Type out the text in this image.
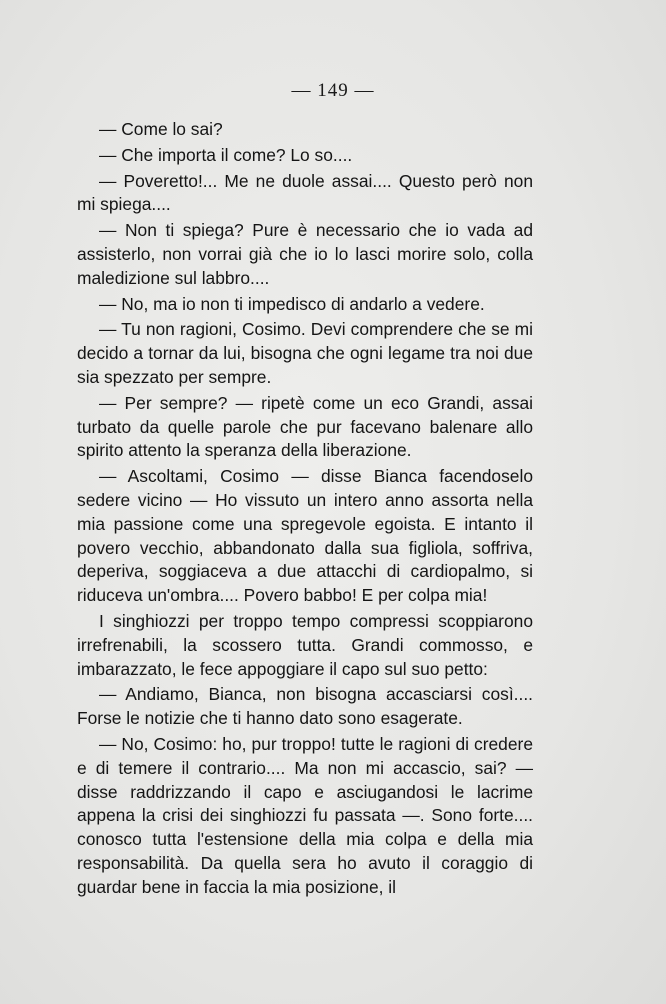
— 149 —

— Come lo sai?

— Che importa il come? Lo so....

— Poveretto!... Me ne duole assai.... Questo però non mi spiega....

— Non ti spiega? Pure è necessario che io vada ad assisterlo, non vorrai già che io lo lasci morire solo, colla maledizione sul labbro....

— No, ma io non ti impedisco di andarlo a vedere.

— Tu non ragioni, Cosimo. Devi comprendere che se mi decido a tornar da lui, bisogna che ogni legame tra noi due sia spezzato per sempre.

— Per sempre? — ripetè come un eco Grandi, assai turbato da quelle parole che pur facevano balenare allo spirito attento la speranza della liberazione.

— Ascoltami, Cosimo — disse Bianca facendoselo sedere vicino — Ho vissuto un intero anno assorta nella mia passione come una spregevole egoista. E intanto il povero vecchio, abbandonato dalla sua figliola, soffriva, deperiva, soggiaceva a due attacchi di cardiopalmo, si riduceva un'ombra.... Povero babbo! E per colpa mia!

I singhiozzi per troppo tempo compressi scoppiarono irrefrenabili, la scossero tutta. Grandi commosso, e imbarazzato, le fece appoggiare il capo sul suo petto:

— Andiamo, Bianca, non bisogna accasciarsi così.... Forse le notizie che ti hanno dato sono esagerate.

— No, Cosimo: ho, pur troppo! tutte le ragioni di credere e di temere il contrario.... Ma non mi accascio, sai? — disse raddrizzando il capo e asciugandosi le lacrime appena la crisi dei singhiozzi fu passata —. Sono forte.... conosco tutta l'estensione della mia colpa e della mia responsabilità. Da quella sera ho avuto il coraggio di guardar bene in faccia la mia posizione, il
